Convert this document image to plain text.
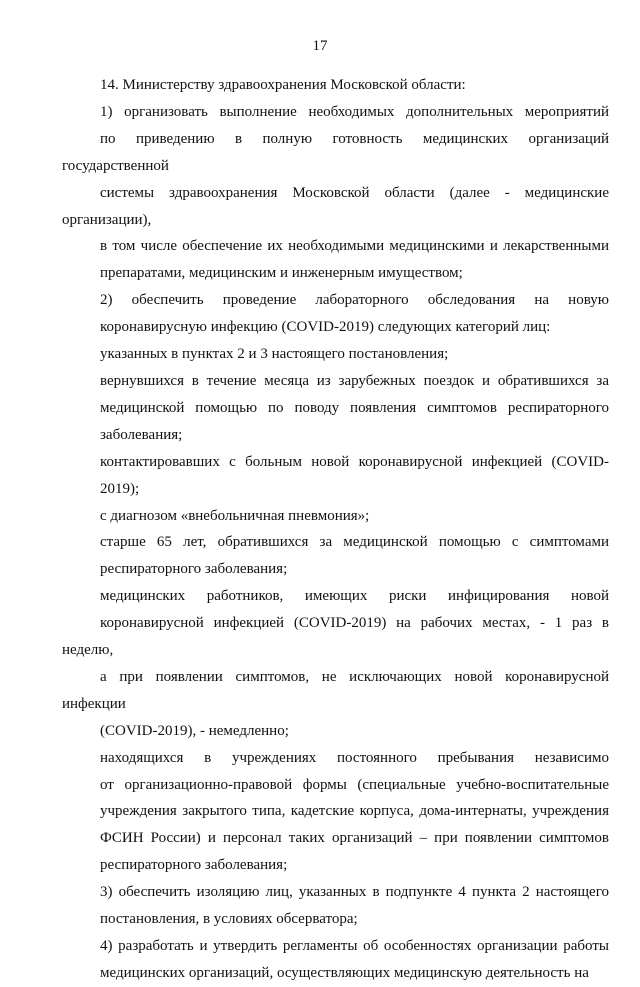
17

14. Министерству здравоохранения Московской области:

1) организовать выполнение необходимых дополнительных мероприятий
по приведению в полную готовность медицинских организаций государственной
системы здравоохранения Московской области (далее - медицинские организации),
в том числе обеспечение их необходимыми медицинскими и лекарственными
препаратами, медицинским и инженерным имуществом;

2) обеспечить проведение лабораторного обследования на новую
коронавирусную инфекцию (COVID-2019) следующих категорий лиц:

указанных в пунктах 2 и 3 настоящего постановления;

вернувшихся в течение месяца из зарубежных поездок и обратившихся за
медицинской помощью по поводу появления симптомов респираторного
заболевания;

контактировавших с больным новой коронавирусной инфекцией (COVID-
2019);

с диагнозом «внебольничная пневмония»;

старше 65 лет, обратившихся за медицинской помощью с симптомами
респираторного заболевания;

медицинских работников, имеющих риски инфицирования новой
коронавирусной инфекцией (COVID-2019) на рабочих местах, - 1 раз в неделю,
а при появлении симптомов, не исключающих новой коронавирусной инфекции
(COVID-2019), - немедленно;

находящихся в учреждениях постоянного пребывания независимо
от организационно-правовой формы (специальные учебно-воспитательные
учреждения закрытого типа, кадетские корпуса, дома-интернаты, учреждения
ФСИН России) и персонал таких организаций – при появлении симптомов
респираторного заболевания;

3) обеспечить изоляцию лиц, указанных в подпункте 4 пункта 2 настоящего
постановления, в условиях обсерватора;

4) разработать и утвердить регламенты об особенностях организации работы
медицинских организаций, осуществляющих медицинскую деятельность на
